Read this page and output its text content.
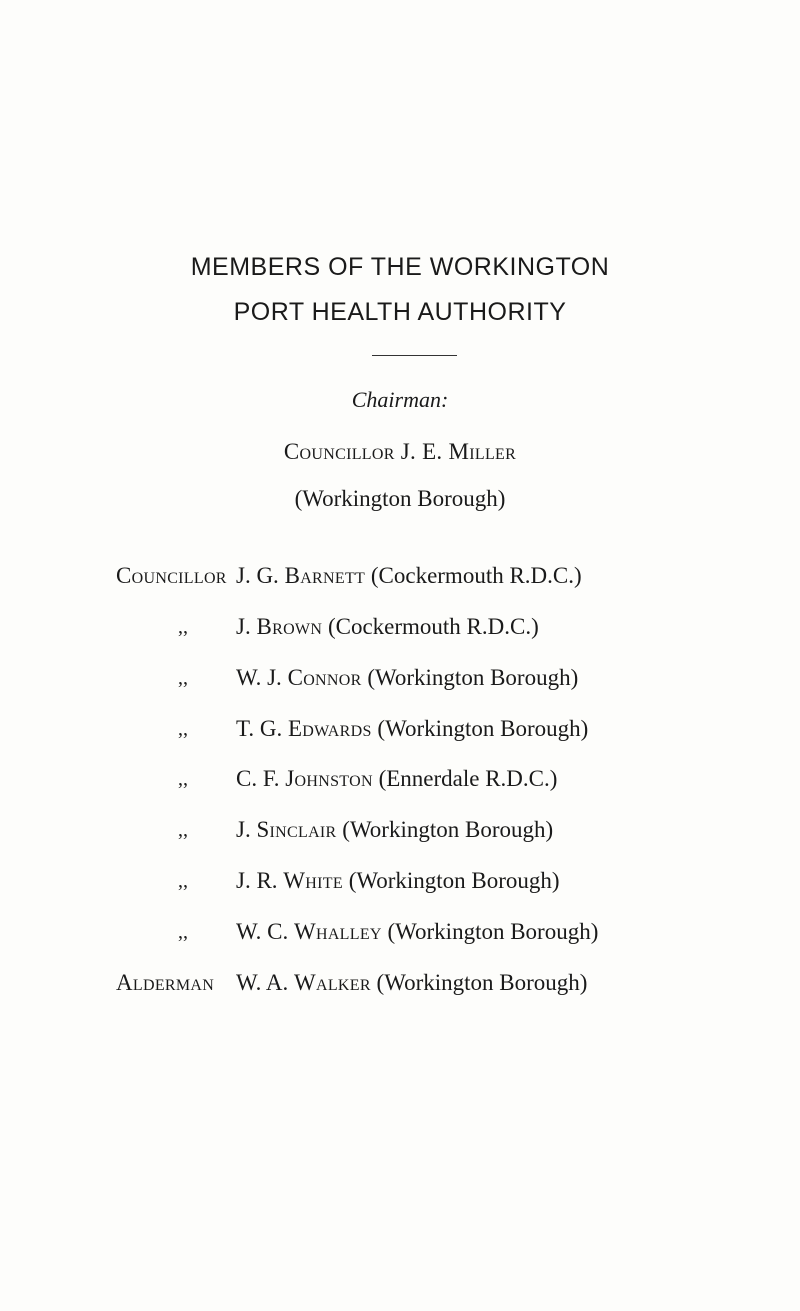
MEMBERS OF THE WORKINGTON
PORT HEALTH AUTHORITY
Chairman:
Councillor J. E. Miller
(Workington Borough)
Councillor J. G. Barnett (Cockermouth R.D.C.)
,, J. Brown (Cockermouth R.D.C.)
,, W. J. Connor (Workington Borough)
,, T. G. Edwards (Workington Borough)
,, C. F. Johnston (Ennerdale R.D.C.)
,, J. Sinclair (Workington Borough)
,, J. R. White (Workington Borough)
,, W. C. Whalley (Workington Borough)
Alderman W. A. Walker (Workington Borough)
